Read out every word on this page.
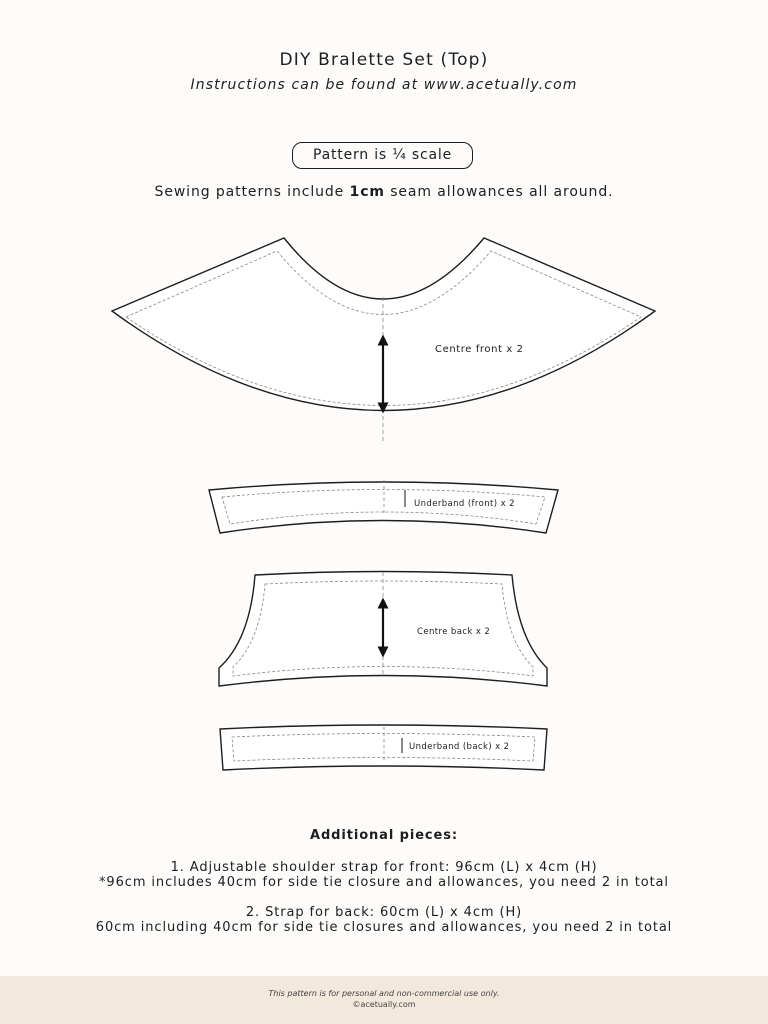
DIY Bralette Set (Top)
Instructions can be found at www.acetually.com
Pattern is ¼ scale
Sewing patterns include 1cm seam allowances all around.
Centre front x 2
Underband (front) x 2
Centre back x 2
Underband (back) x 2
Additional pieces:
1. Adjustable shoulder strap for front: 96cm (L) x 4cm (H)
*96cm includes 40cm for side tie closure and allowances, you need 2 in total
2. Strap for back: 60cm (L) x 4cm (H)
60cm including 40cm for side tie closures and allowances, you need 2 in total
This pattern is for personal and non-commercial use only.
©acetually.com
